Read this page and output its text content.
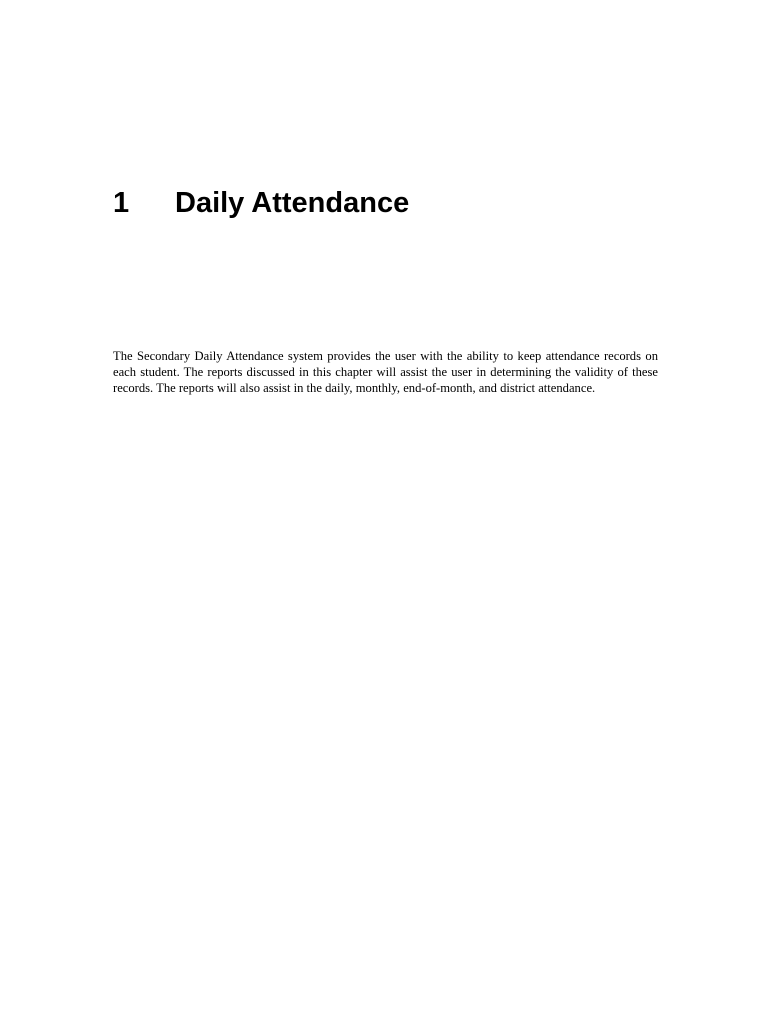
1 Daily Attendance

The Secondary Daily Attendance system provides the user with the ability to keep attendance records on each student. The reports discussed in this chapter will assist the user in determining the validity of these records. The reports will also assist in the daily, monthly, end-of-month, and district attendance.
